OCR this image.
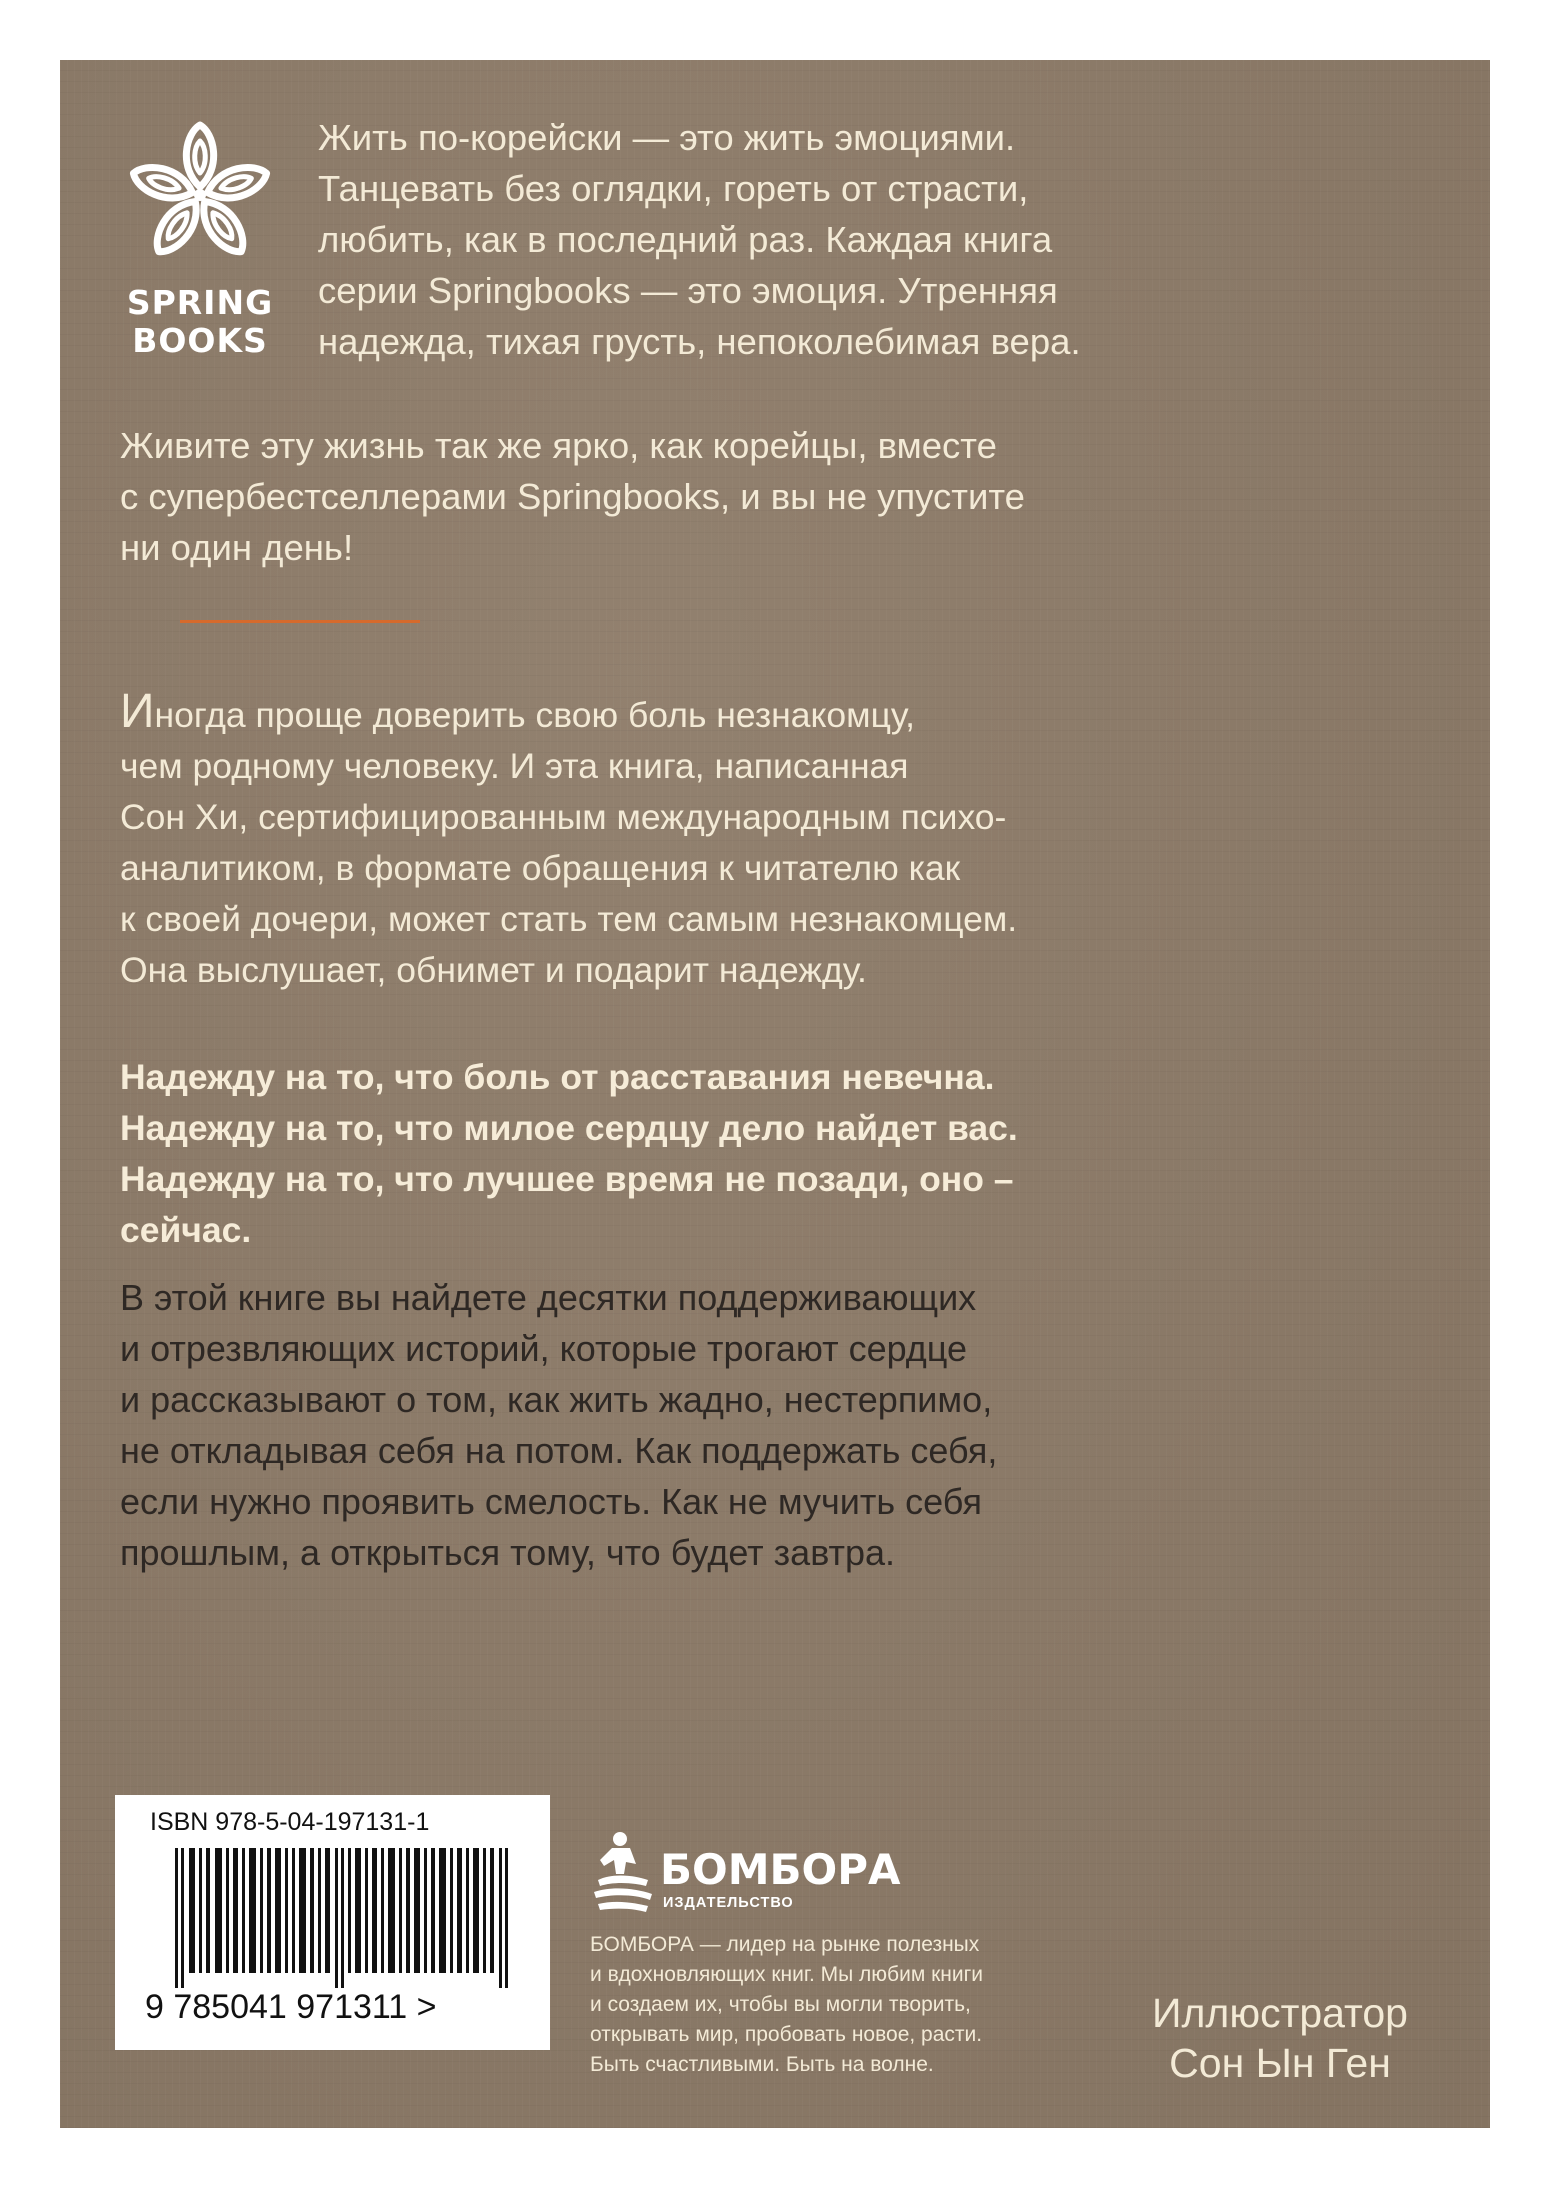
SPRING
BOOKS

Жить по-корейски — это жить эмоциями.

Танцевать без оглядки, гореть от страсти,

любить, как в последний раз. Каждая книга

серии Springbooks — это эмоция. Утренняя

надежда, тихая грусть, непоколебимая вера.

Живите эту жизнь так же ярко, как корейцы, вместе
с супербестселлерами Springbooks, и вы не упустите
ни один день!
Иногда проще доверить свою боль незнакомцу,
чем родному человеку. И эта книга, написанная
Сон Хи, сертифицированным международным психо-
аналитиком, в формате обращения к читателю как
к своей дочери, может стать тем самым незнакомцем.
Она выслушает, обнимет и подарит надежду.
Надежду на то, что боль от расставания невечна.
Надежду на то, что милое сердцу дело найдет вас.
Надежду на то, что лучшее время не позади, оно –
сейчас.
В этой книге вы найдете десятки поддерживающих
и отрезвляющих историй, которые трогают сердце
и рассказывают о том, как жить жадно, нестерпимо,
не откладывая себя на потом. Как поддержать себя,
если нужно проявить смелость. Как не мучить себя
прошлым, а открыться тому, что будет завтра.
ISBN 978-5-04-197131-1
9 785041 971311 >
БОМБОРА
ИЗДАТЕЛЬСТВО
БОМБОРА — лидер на рынке полезных
и вдохновляющих книг. Мы любим книги
и создаем их, чтобы вы могли творить,
открывать мир, пробовать новое, расти.
Быть счастливыми. Быть на волне.
Иллюстратор
Сон Ын Ген
